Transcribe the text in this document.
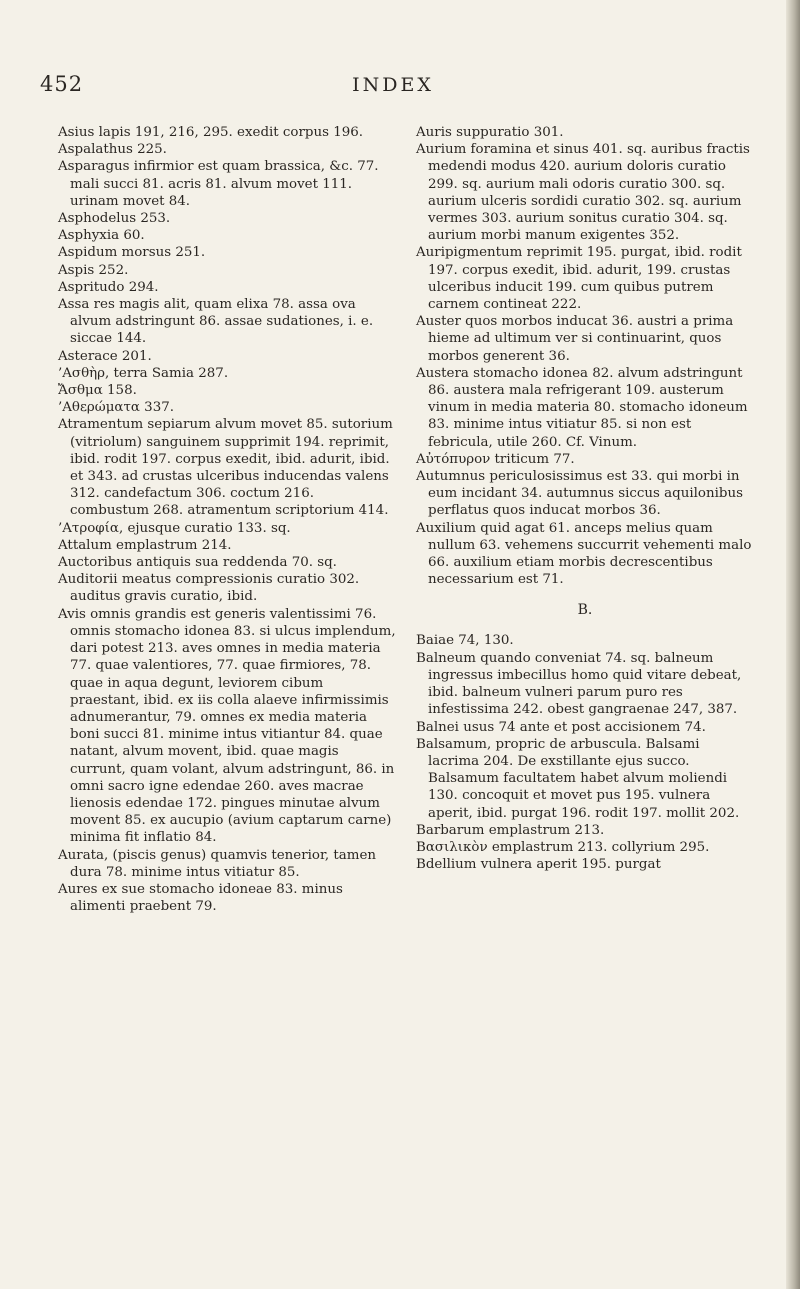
452	INDEX
Asius lapis 191, 216, 295. exedit corpus 196.
Aspalathus 225.
Asparagus infirmior est quam brassica, &c. 77. mali succi 81. acris 81. alvum movet 111. urinam movet 84.
Asphodelus 253.
Asphyxia 60.
Aspidum morsus 251.
Aspis 252.
Aspritudo 294.
Assa res magis alit, quam elixa 78. assa ova alvum adstringunt 86. assae sudationes, i. e. siccae 144.
Asterace 201.
’Ασθὴρ, terra Samia 287.
Ἄσθμα 158.
’Αθερώματα 337.
Atramentum sepiarum alvum movet 85. sutorium (vitriolum) sanguinem supprimit 194. reprimit, ibid. rodit 197. corpus exedit, ibid. adurit, ibid. et 343. ad crustas ulceribus inducendas valens 312. candefactum 306. coctum 216. combustum 268. atramentum scriptorium 414.
’Ατροφία, ejusque curatio 133. sq.
Attalum emplastrum 214.
Auctoribus antiquis sua reddenda 70. sq.
Auditorii meatus compressionis curatio 302. auditus gravis curatio, ibid.
Avis omnis grandis est generis valentissimi 76. omnis stomacho idonea 83. si ulcus implendum, dari potest 213. aves omnes in media materia 77. quae valentiores, 77. quae firmiores, 78. quae in aqua degunt, leviorem cibum praestant, ibid. ex iis colla alaeve infirmissimis adnumerantur, 79. omnes ex media materia boni succi 81. minime intus vitiantur 84. quae natant, alvum movent, ibid. quae magis currunt, quam volant, alvum adstringunt, 86. in omni sacro igne edendae 260. aves macrae lienosis edendae 172. pingues minutae alvum movent 85. ex aucupio (avium captarum carne) minima fit inflatio 84.
Aurata, (piscis genus) quamvis tenerior, tamen dura 78. minime intus vitiatur 85.
Aures ex sue stomacho idoneae 83. minus alimenti praebent 79.
Auris suppuratio 301.
Aurium foramina et sinus 401. sq. auribus fractis medendi modus 420. aurium doloris curatio 299. sq. aurium mali odoris curatio 300. sq. aurium ulceris sordidi curatio 302. sq. aurium vermes 303. aurium sonitus curatio 304. sq. aurium morbi manum exigentes 352.
Auripigmentum reprimit 195. purgat, ibid. rodit 197. corpus exedit, ibid. adurit, 199. crustas ulceribus inducit 199. cum quibus putrem carnem contineat 222.
Auster quos morbos inducat 36. austri a prima hieme ad ultimum ver si continuarint, quos morbos generent 36.
Austera stomacho idonea 82. alvum adstringunt 86. austera mala refrigerant 109. austerum vinum in media materia 80. stomacho idoneum 83. minime intus vitiatur 85. si non est febricula, utile 260. Cf. Vinum.
Αὐτόπυρον triticum 77.
Autumnus periculosissimus est 33. qui morbi in eum incidant 34. autumnus siccus aquilonibus perflatus quos inducat morbos 36.
Auxilium quid agat 61. anceps melius quam nullum 63. vehemens succurrit vehementi malo 66. auxilium etiam morbis decrescentibus necessarium est 71.
B.
Baiae 74, 130.
Balneum quando conveniat 74. sq. balneum ingressus imbecillus homo quid vitare debeat, ibid. balneum vulneri parum puro res infestissima 242. obest gangraenae 247, 387.
Balnei usus 74 ante et post accisionem 74.
Balsamum, propric de arbuscula. Balsami lacrima 204. De exstillante ejus succo. Balsamum facultatem habet alvum moliendi 130. concoquit et movet pus 195. vulnera aperit, ibid. purgat 196. rodit 197. mollit 202.
Barbarum emplastrum 213.
Βασιλικὸν emplastrum 213. collyrium 295.
Bdellium vulnera aperit 195. purgat
